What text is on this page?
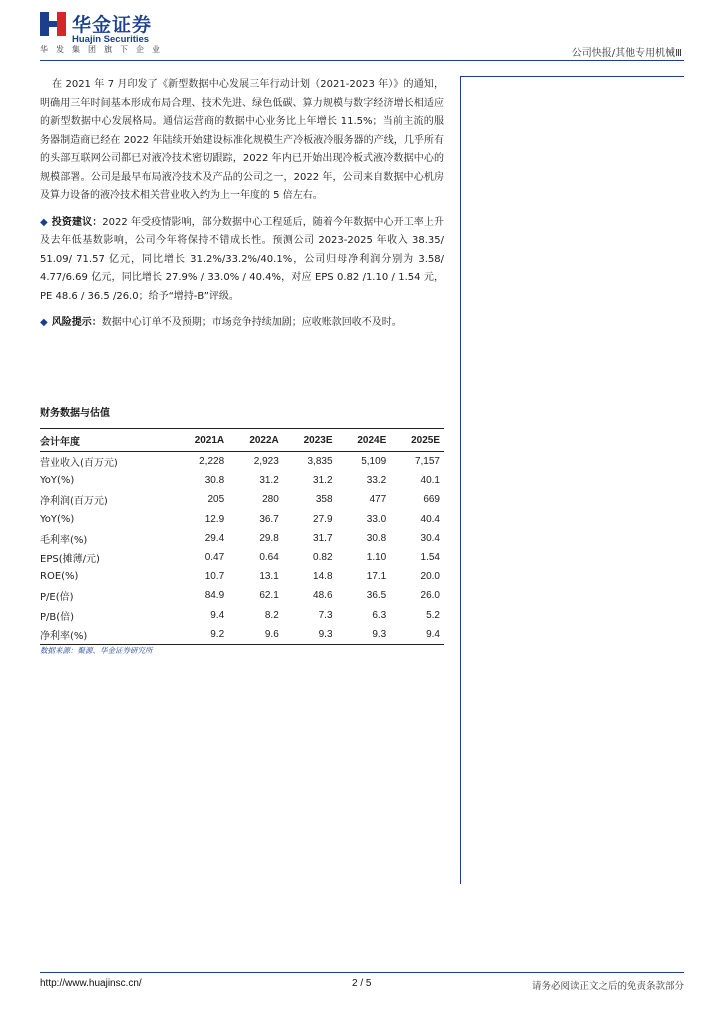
华金证券
Huajin Securities
华发集团旗下企业	公司快报/其他专用机械Ⅲ

在 2021 年 7 月印发了《新型数据中心发展三年行动计划（2021-2023 年）》的通知，明确用三年时间基本形成布局合理、技术先进、绿色低碳、算力规模与数字经济增长相适应的新型数据中心发展格局。通信运营商的数据中心业务比上年增长 11.5%；当前主流的服务器制造商已经在 2022 年陆续开始建设标准化规模生产冷板液冷服务器的产线，几乎所有的头部互联网公司都已对液冷技术密切跟踪，2022 年内已开始出现冷板式液冷数据中心的规模部署。公司是最早布局液冷技术及产品的公司之一，2022 年，公司来自数据中心机房及算力设备的液冷技术相关营业收入约为上一年度的 5 倍左右。

◆ 投资建议：2022 年受疫情影响，部分数据中心工程延后，随着今年数据中心开工率上升及去年低基数影响，公司今年将保持不错成长性。预测公司 2023-2025 年收入 38.35/ 51.09/ 71.57 亿元，同比增长 31.2%/33.2%/40.1%，公司归母净利润分别为 3.58/ 4.77/6.69 亿元，同比增长 27.9% / 33.0% / 40.4%，对应 EPS 0.82 /1.10 / 1.54 元，PE 48.6 / 36.5 /26.0；给予“增持-B”评级。

◆ 风险提示：数据中心订单不及预期；市场竞争持续加剧；应收账款回收不及时。

财务数据与估值
会计年度	2021A	2022A	2023E	2024E	2025E
营业收入(百万元)	2,228	2,923	3,835	5,109	7,157
YoY(%)	30.8	31.2	31.2	33.2	40.1
净利润(百万元)	205	280	358	477	669
YoY(%)	12.9	36.7	27.9	33.0	40.4
毛利率(%)	29.4	29.8	31.7	30.8	30.4
EPS(摊薄/元)	0.47	0.64	0.82	1.10	1.54
ROE(%)	10.7	13.1	14.8	17.1	20.0
P/E(倍)	84.9	62.1	48.6	36.5	26.0
P/B(倍)	9.4	8.2	7.3	6.3	5.2
净利率(%)	9.2	9.6	9.3	9.3	9.4
数据来源：聚源、华金证券研究所
http://www.huajinsc.cn/	2 / 5	请务必阅读正文之后的免责条款部分
